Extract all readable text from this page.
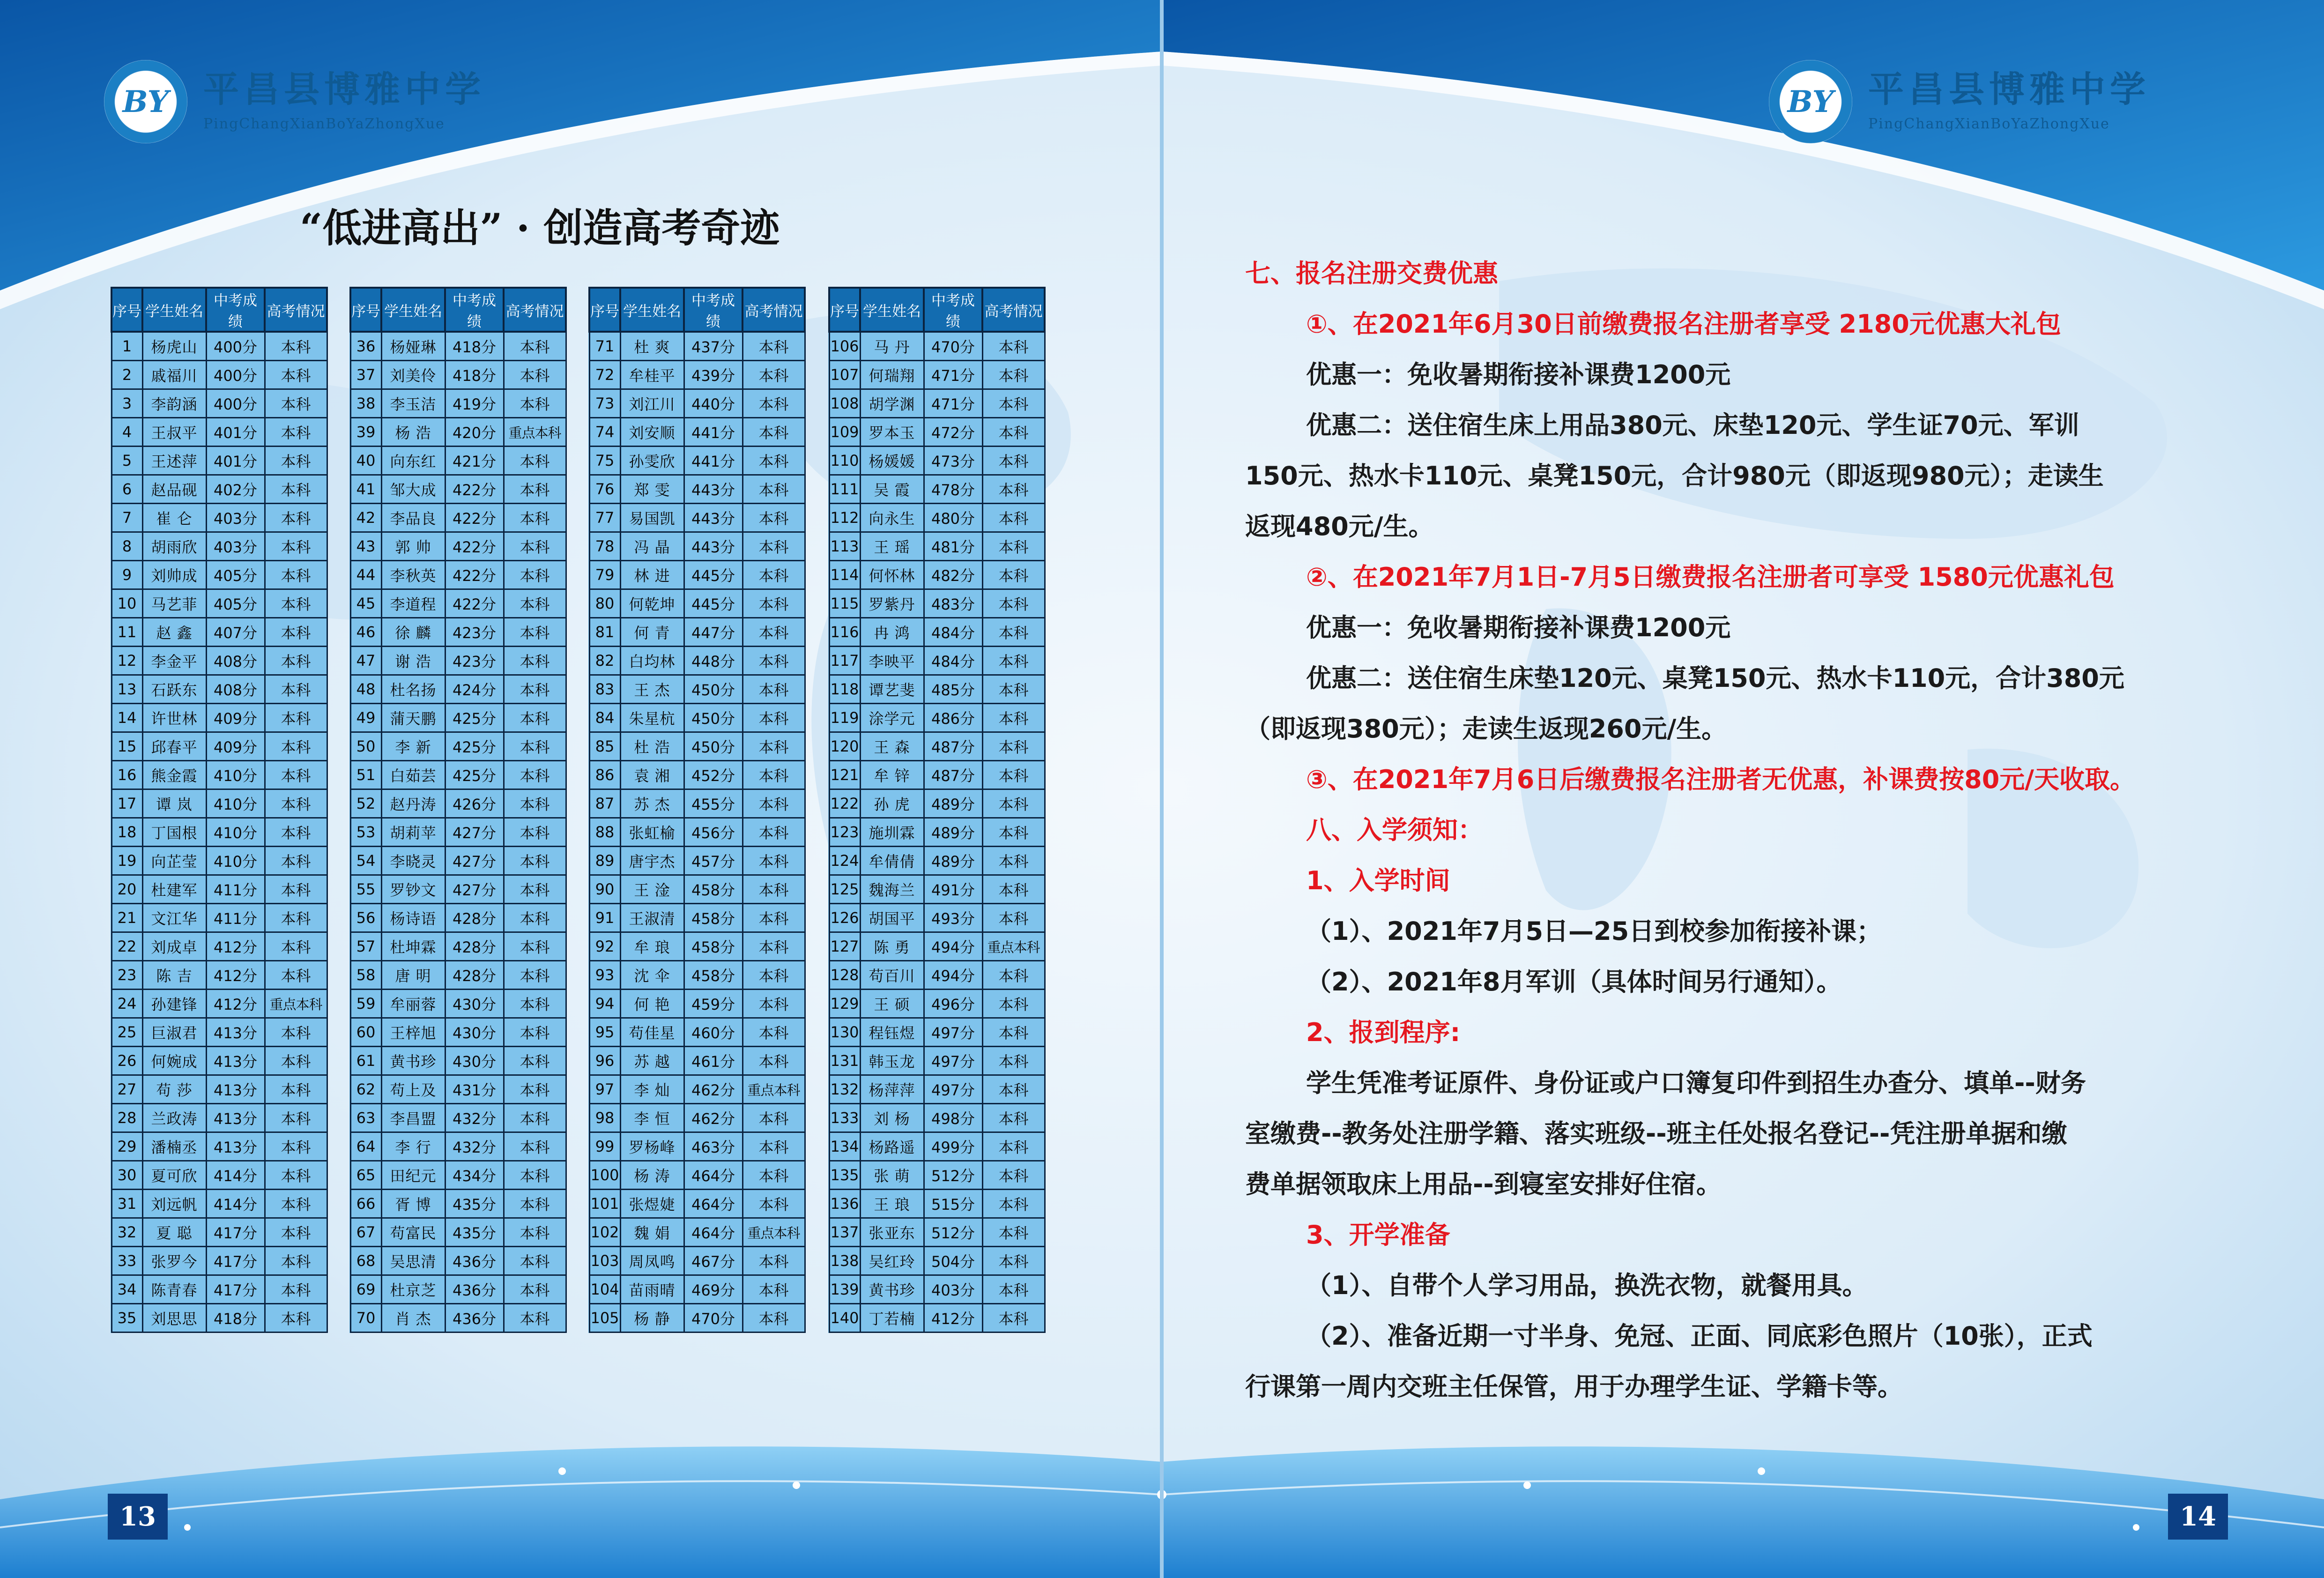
BY 平昌县博雅中学
PingChangXianBoYaZhongXue
“低进高出” · 创造高考奇迹
序号	学生姓名	中考成绩	高考情况
1	杨虎山	400分	本科
2	戚福川	400分	本科
3	李韵涵	400分	本科
4	王叔平	401分	本科
5	王述萍	401分	本科
6	赵品砚	402分	本科
7	崔 仑	403分	本科
8	胡雨欣	403分	本科
9	刘帅成	405分	本科
10	马艺菲	405分	本科
11	赵 鑫	407分	本科
12	李金平	408分	本科
13	石跃东	408分	本科
14	许世林	409分	本科
15	邱春平	409分	本科
16	熊金霞	410分	本科
17	谭 岚	410分	本科
18	丁国根	410分	本科
19	向芷莹	410分	本科
20	杜建军	411分	本科
21	文江华	411分	本科
22	刘成卓	412分	本科
23	陈 吉	412分	本科
24	孙建锋	412分	重点本科
25	巨淑君	413分	本科
26	何婉成	413分	本科
27	苟 莎	413分	本科
28	兰政涛	413分	本科
29	潘楠丞	413分	本科
30	夏可欣	414分	本科
31	刘远帆	414分	本科
32	夏 聪	417分	本科
33	张罗今	417分	本科
34	陈青春	417分	本科
35	刘思思	418分	本科
序号	学生姓名	中考成绩	高考情况
36	杨娅琳	418分	本科
37	刘美伶	418分	本科
38	李玉洁	419分	本科
39	杨 浩	420分	重点本科
40	向东红	421分	本科
41	邹大成	422分	本科
42	李品良	422分	本科
43	郭 帅	422分	本科
44	李秋英	422分	本科
45	李道程	422分	本科
46	徐 麟	423分	本科
47	谢 浩	423分	本科
48	杜名扬	424分	本科
49	蒲天鹏	425分	本科
50	李 新	425分	本科
51	白茹芸	425分	本科
52	赵丹涛	426分	本科
53	胡莉苹	427分	本科
54	李晓灵	427分	本科
55	罗钞文	427分	本科
56	杨诗语	428分	本科
57	杜坤霖	428分	本科
58	唐 明	428分	本科
59	牟丽蓉	430分	本科
60	王梓旭	430分	本科
61	黄书珍	430分	本科
62	苟上及	431分	本科
63	李昌盟	432分	本科
64	李 行	432分	本科
65	田纪元	434分	本科
66	胥 博	435分	本科
67	苟富民	435分	本科
68	吴思清	436分	本科
69	杜京芝	436分	本科
70	肖 杰	436分	本科
序号	学生姓名	中考成绩	高考情况
71	杜 爽	437分	本科
72	牟桂平	439分	本科
73	刘江川	440分	本科
74	刘安顺	441分	本科
75	孙雯欣	441分	本科
76	郑 雯	443分	本科
77	易国凯	443分	本科
78	冯 晶	443分	本科
79	林 进	445分	本科
80	何乾坤	445分	本科
81	何 青	447分	本科
82	白均林	448分	本科
83	王 杰	450分	本科
84	朱星杭	450分	本科
85	杜 浩	450分	本科
86	袁 湘	452分	本科
87	苏 杰	455分	本科
88	张虹榆	456分	本科
89	唐宇杰	457分	本科
90	王 淦	458分	本科
91	王淑清	458分	本科
92	牟 琅	458分	本科
93	沈 伞	458分	本科
94	何 艳	459分	本科
95	苟佳星	460分	本科
96	苏 越	461分	本科
97	李 灿	462分	重点本科
98	李 恒	462分	本科
99	罗杨峰	463分	本科
100	杨 涛	464分	本科
101	张煜婕	464分	本科
102	魏 娟	464分	重点本科
103	周凤鸣	467分	本科
104	苗雨晴	469分	本科
105	杨 静	470分	本科
序号	学生姓名	中考成绩	高考情况
106	马 丹	470分	本科
107	何瑞翔	471分	本科
108	胡学渊	471分	本科
109	罗本玉	472分	本科
110	杨媛媛	473分	本科
111	吴 霞	478分	本科
112	向永生	480分	本科
113	王 瑶	481分	本科
114	何怀林	482分	本科
115	罗紫丹	483分	本科
116	冉 鸿	484分	本科
117	李映平	484分	本科
118	谭艺斐	485分	本科
119	涂学元	486分	本科
120	王 森	487分	本科
121	牟 锌	487分	本科
122	孙 虎	489分	本科
123	施圳霖	489分	本科
124	牟倩倩	489分	本科
125	魏海兰	491分	本科
126	胡国平	493分	本科
127	陈 勇	494分	重点本科
128	苟百川	494分	本科
129	王 硕	496分	本科
130	程钰煜	497分	本科
131	韩玉龙	497分	本科
132	杨萍萍	497分	本科
133	刘 杨	498分	本科
134	杨路遥	499分	本科
135	张 萌	512分	本科
136	王 琅	515分	本科
137	张亚东	512分	本科
138	吴红玲	504分	本科
139	黄书珍	403分	本科
140	丁若楠	412分	本科
13
BY 平昌县博雅中学
PingChangXianBoYaZhongXue
14

七、报名注册交费优惠

①、在2021年6月30日前缴费报名注册者享受 2180元优惠大礼包

优惠一：免收暑期衔接补课费1200元

优惠二：送住宿生床上用品380元、床垫120元、学生证70元、军训

150元、热水卡110元、桌凳150元，合计980元（即返现980元）；走读生

返现480元/生。

②、在2021年7月1日-7月5日缴费报名注册者可享受 1580元优惠礼包

优惠一：免收暑期衔接补课费1200元

优惠二：送住宿生床垫120元、桌凳150元、热水卡110元，合计380元

（即返现380元）；走读生返现260元/生。

③、在2021年7月6日后缴费报名注册者无优惠，补课费按80元/天收取。

八、入学须知：

1、入学时间

（1）、2021年7月5日—25日到校参加衔接补课；

（2）、2021年8月军训（具体时间另行通知）。

2、报到程序:

学生凭准考证原件、身份证或户口簿复印件到招生办查分、填单--财务

室缴费--教务处注册学籍、落实班级--班主任处报名登记--凭注册单据和缴

费单据领取床上用品--到寝室安排好住宿。

3、开学准备

（1）、自带个人学习用品，换洗衣物，就餐用具。

（2）、准备近期一寸半身、免冠、正面、同底彩色照片（10张），正式

行课第一周内交班主任保管，用于办理学生证、学籍卡等。
